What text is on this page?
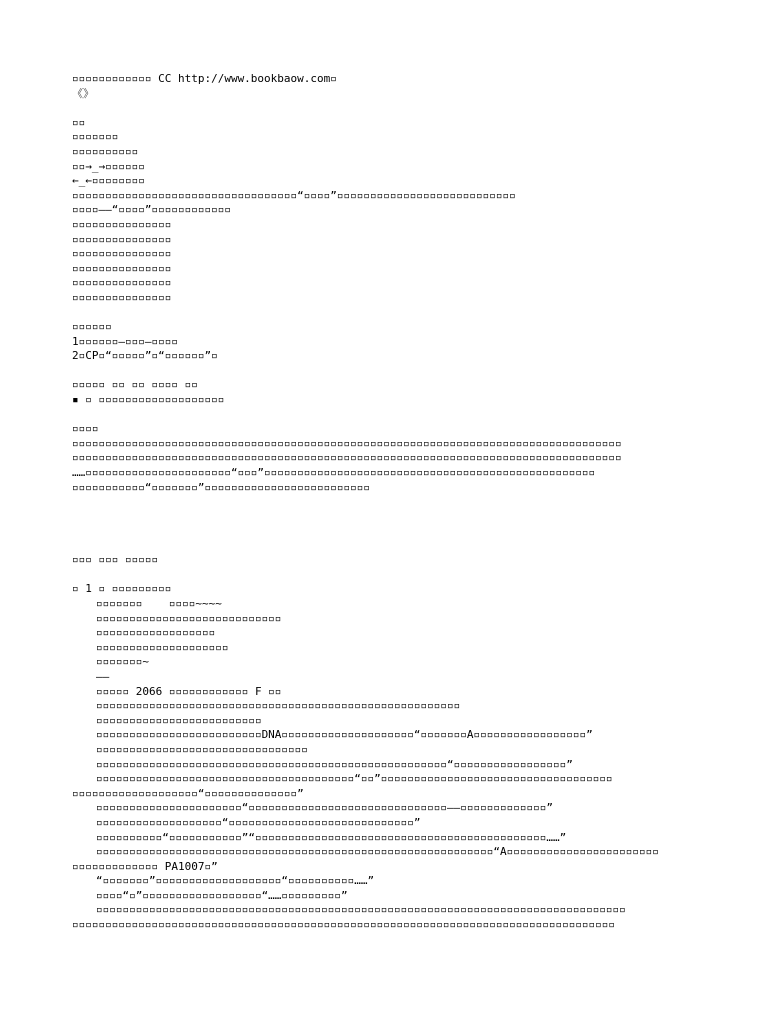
▫▫▫▫▫▫▫▫▫▫▫▫ CC http://www.bookbaow.com▫
《》
▫▫
▫▫▫▫▫▫▫
▫▫▫▫▫▫▫▫▫▫
▫▫→_→▫▫▫▫▫▫
←_←▫▫▫▫▫▫▫▫
▫▫▫▫▫▫▫▫▫▫▫▫▫▫▫▫▫▫▫▫▫▫▫▫▫▫▫▫▫▫▫▫▫▫“▫▫▫▫”▫▫▫▫▫▫▫▫▫▫▫▫▫▫▫▫▫▫▫▫▫▫▫▫▫▫▫
▫▫▫▫——“▫▫▫▫”▫▫▫▫▫▫▫▫▫▫▫▫
▫▫▫▫▫▫▫▫▫▫▫▫▫▫▫
▫▫▫▫▫▫▫▫▫▫▫▫▫▫▫
▫▫▫▫▫▫▫▫▫▫▫▫▫▫▫
▫▫▫▫▫▫▫▫▫▫▫▫▫▫▫
▫▫▫▫▫▫▫▫▫▫▫▫▫▫▫
▫▫▫▫▫▫▫▫▫▫▫▫▫▫▫
▫▫▫▫▫▫
1▫▫▫▫▫▫—▫▫▫—▫▫▫▫
2▫CP▫“▫▫▫▫▫”▫“▫▫▫▫▫▫”▫
▫▫▫▫▫ ▫▫ ▫▫ ▫▫▫▫ ▫▫
▪ ▫ ▫▫▫▫▫▫▫▫▫▫▫▫▫▫▫▫▫▫▫
▫▫▫▫
▫▫▫▫▫▫▫▫▫▫▫▫▫▫▫▫▫▫▫▫▫▫▫▫▫▫▫▫▫▫▫▫▫▫▫▫▫▫▫▫▫▫▫▫▫▫▫▫▫▫▫▫▫▫▫▫▫▫▫▫▫▫▫▫▫▫▫▫▫▫▫▫▫▫▫▫▫▫▫▫▫▫▫
▫▫▫▫▫▫▫▫▫▫▫▫▫▫▫▫▫▫▫▫▫▫▫▫▫▫▫▫▫▫▫▫▫▫▫▫▫▫▫▫▫▫▫▫▫▫▫▫▫▫▫▫▫▫▫▫▫▫▫▫▫▫▫▫▫▫▫▫▫▫▫▫▫▫▫▫▫▫▫▫▫▫▫
……▫▫▫▫▫▫▫▫▫▫▫▫▫▫▫▫▫▫▫▫▫▫“▫▫▫”▫▫▫▫▫▫▫▫▫▫▫▫▫▫▫▫▫▫▫▫▫▫▫▫▫▫▫▫▫▫▫▫▫▫▫▫▫▫▫▫▫▫▫▫▫▫▫▫▫▫
▫▫▫▫▫▫▫▫▫▫▫“▫▫▫▫▫▫▫”▫▫▫▫▫▫▫▫▫▫▫▫▫▫▫▫▫▫▫▫▫▫▫▫▫
▫▫▫ ▫▫▫ ▫▫▫▫▫
▫ 1 ▫ ▫▫▫▫▫▫▫▫▫
▫▫▫▫▫▫▫    ▫▫▫▫~~~~
▫▫▫▫▫▫▫▫▫▫▫▫▫▫▫▫▫▫▫▫▫▫▫▫▫▫▫▫
▫▫▫▫▫▫▫▫▫▫▫▫▫▫▫▫▫▫
▫▫▫▫▫▫▫▫▫▫▫▫▫▫▫▫▫▫▫▫
▫▫▫▫▫▫▫~
——
▫▫▫▫▫ 2066 ▫▫▫▫▫▫▫▫▫▫▫▫ F ▫▫
▫▫▫▫▫▫▫▫▫▫▫▫▫▫▫▫▫▫▫▫▫▫▫▫▫▫▫▫▫▫▫▫▫▫▫▫▫▫▫▫▫▫▫▫▫▫▫▫▫▫▫▫▫▫▫
▫▫▫▫▫▫▫▫▫▫▫▫▫▫▫▫▫▫▫▫▫▫▫▫▫
▫▫▫▫▫▫▫▫▫▫▫▫▫▫▫▫▫▫▫▫▫▫▫▫▫DNA▫▫▫▫▫▫▫▫▫▫▫▫▫▫▫▫▫▫▫▫“▫▫▫▫▫▫▫A▫▫▫▫▫▫▫▫▫▫▫▫▫▫▫▫▫”
▫▫▫▫▫▫▫▫▫▫▫▫▫▫▫▫▫▫▫▫▫▫▫▫▫▫▫▫▫▫▫▫
▫▫▫▫▫▫▫▫▫▫▫▫▫▫▫▫▫▫▫▫▫▫▫▫▫▫▫▫▫▫▫▫▫▫▫▫▫▫▫▫▫▫▫▫▫▫▫▫▫▫▫▫▫“▫▫▫▫▫▫▫▫▫▫▫▫▫▫▫▫▫”
▫▫▫▫▫▫▫▫▫▫▫▫▫▫▫▫▫▫▫▫▫▫▫▫▫▫▫▫▫▫▫▫▫▫▫▫▫▫▫“▫▫”▫▫▫▫▫▫▫▫▫▫▫▫▫▫▫▫▫▫▫▫▫▫▫▫▫▫▫▫▫▫▫▫▫▫▫
▫▫▫▫▫▫▫▫▫▫▫▫▫▫▫▫▫▫▫“▫▫▫▫▫▫▫▫▫▫▫▫▫▫”
▫▫▫▫▫▫▫▫▫▫▫▫▫▫▫▫▫▫▫▫▫▫“▫▫▫▫▫▫▫▫▫▫▫▫▫▫▫▫▫▫▫▫▫▫▫▫▫▫▫▫▫▫——▫▫▫▫▫▫▫▫▫▫▫▫▫”
▫▫▫▫▫▫▫▫▫▫▫▫▫▫▫▫▫▫▫“▫▫▫▫▫▫▫▫▫▫▫▫▫▫▫▫▫▫▫▫▫▫▫▫▫▫▫▫”
▫▫▫▫▫▫▫▫▫▫“▫▫▫▫▫▫▫▫▫▫▫”“▫▫▫▫▫▫▫▫▫▫▫▫▫▫▫▫▫▫▫▫▫▫▫▫▫▫▫▫▫▫▫▫▫▫▫▫▫▫▫▫▫▫▫▫……”
▫▫▫▫▫▫▫▫▫▫▫▫▫▫▫▫▫▫▫▫▫▫▫▫▫▫▫▫▫▫▫▫▫▫▫▫▫▫▫▫▫▫▫▫▫▫▫▫▫▫▫▫▫▫▫▫▫▫▫▫“A▫▫▫▫▫▫▫▫▫▫▫▫▫▫▫▫▫▫▫▫▫▫▫
▫▫▫▫▫▫▫▫▫▫▫▫▫ PA1007▫”
“▫▫▫▫▫▫▫”▫▫▫▫▫▫▫▫▫▫▫▫▫▫▫▫▫▫▫“▫▫▫▫▫▫▫▫▫▫……”
▫▫▫▫“▫”▫▫▫▫▫▫▫▫▫▫▫▫▫▫▫▫▫▫“……▫▫▫▫▫▫▫▫▫”
▫▫▫▫▫▫▫▫▫▫▫▫▫▫▫▫▫▫▫▫▫▫▫▫▫▫▫▫▫▫▫▫▫▫▫▫▫▫▫▫▫▫▫▫▫▫▫▫▫▫▫▫▫▫▫▫▫▫▫▫▫▫▫▫▫▫▫▫▫▫▫▫▫▫▫▫▫▫▫▫
▫▫▫▫▫▫▫▫▫▫▫▫▫▫▫▫▫▫▫▫▫▫▫▫▫▫▫▫▫▫▫▫▫▫▫▫▫▫▫▫▫▫▫▫▫▫▫▫▫▫▫▫▫▫▫▫▫▫▫▫▫▫▫▫▫▫▫▫▫▫▫▫▫▫▫▫▫▫▫▫▫▫
